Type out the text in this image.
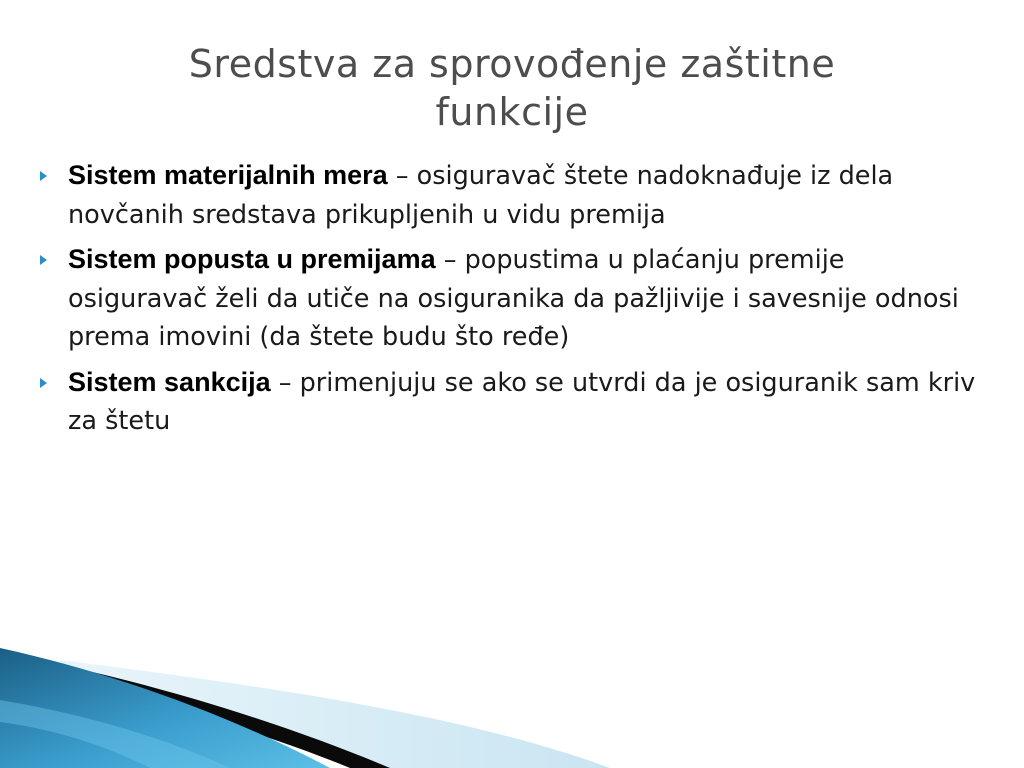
Sredstva za sprovođenje zaštitne funkcije
Sistem materijalnih mera – osiguravač štete nadoknađuje iz dela novčanih sredstava prikupljenih u vidu premija
Sistem popusta u premijama – popustima u plaćanju premije osiguravač želi da utiče na osiguranika da pažljivije i savesnije odnosi prema imovini (da štete budu što ređe)
Sistem sankcija – primenjuju se ako se utvrdi da je osiguranik sam kriv za štetu
